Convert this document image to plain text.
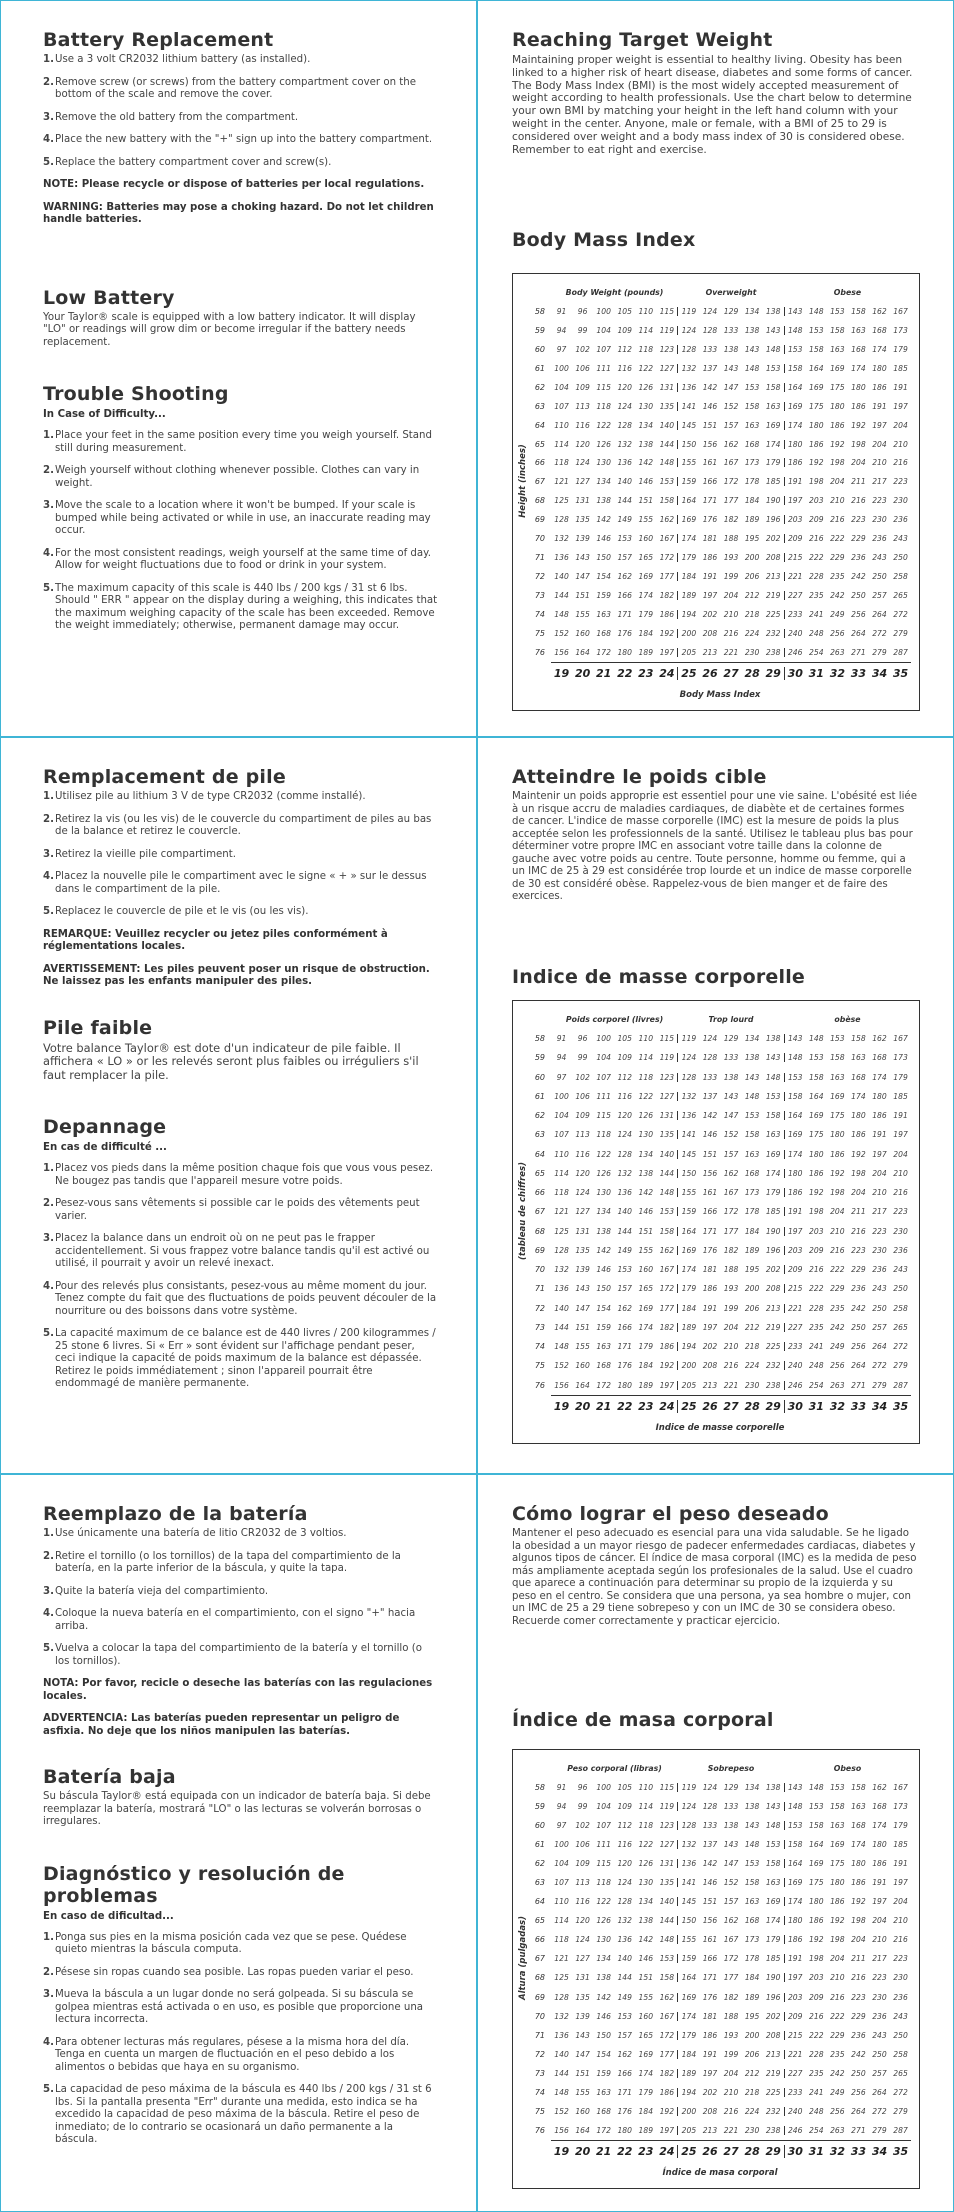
Battery Replacement
1.Use a 3 volt CR2032 lithium battery (as installed).
2.Remove screw (or screws) from the battery compartment cover on the bottom of the scale and remove the cover.
3.Remove the old battery from the compartment.
4.Place the new battery with the "+" sign up into the battery compartment.
5.Replace the battery compartment cover and screw(s).
NOTE: Please recycle or dispose of batteries per local regulations.
WARNING: Batteries may pose a choking hazard. Do not let children handle batteries.
Low Battery

Your Taylor® scale is equipped with a low battery indicator. It will display "LO" or readings will grow dim or become irregular if the battery needs replacement.

Trouble Shooting
In Case of Difficulty...
1.Place your feet in the same position every time you weigh yourself. Stand still during measurement.
2.Weigh yourself without clothing whenever possible. Clothes can vary in weight.
3.Move the scale to a location where it won't be bumped. If your scale is bumped while being activated or while in use, an inaccurate reading may occur.
4.For the most consistent readings, weigh yourself at the same time of day. Allow for weight fluctuations due to food or drink in your system.
5.The maximum capacity of this scale is 440 lbs / 200 kgs / 31 st 6 lbs. Should " ERR " appear on the display during a weighing, this indicates that the maximum weighing capacity of the scale has been exceeded. Remove the weight immediately; otherwise, permanent damage may occur.
Reaching Target Weight

Maintaining proper weight is essential to healthy living. Obesity has been linked to a higher risk of heart disease, diabetes and some forms of cancer. The Body Mass Index (BMI) is the most widely accepted measurement of weight according to health professionals. Use the chart below to determine your own BMI by matching your height in the left hand column with your weight in the center. Anyone, male or female, with a BMI of 25 to 29 is considered over weight and a body mass index of 30 is considered obese. Remember to eat right and exercise.

Body Mass Index
Height (inches)
Body Weight (pounds)	Overweight	Obese
58	91	96	100 105 110 115 119 124 129 134 138 143 148 153 158 162 167
59	94	99	104 109 114 119 124 128 133 138 143 148 153 158 163 168 173
60	97	102 107 112 118 123 128 133 138 143 148 153 158 163 168 174 179
61	100 106 111 116 122 127 132 137 143 148 153 158 164 169 174 180 185
62	104 109 115 120 126 131 136 142 147 153 158 164 169 175 180 186 191
63	107 113 118 124 130 135 141 146 152 158 163 169 175 180 186 191 197
64	110 116 122 128 134 140 145 151 157 163 169 174 180 186 192 197 204
65	114 120 126 132 138 144 150 156 162 168 174 180 186 192 198 204 210
66	118 124 130 136 142 148 155 161 167 173 179 186 192 198 204 210 216
67	121 127 134 140 146 153 159 166 172 178 185 191 198 204 211 217 223
68	125 131 138 144 151 158 164 171 177 184 190 197 203 210 216 223 230
69	128 135 142 149 155 162 169 176 182 189 196 203 209 216 223 230 236
70	132 139 146 153 160 167 174 181 188 195 202 209 216 222 229 236 243
71	136 143 150 157 165 172 179 186 193 200 208 215 222 229 236 243 250
72	140 147 154 162 169 177 184 191 199 206 213 221 228 235 242 250 258
73	144 151 159 166 174 182 189 197 204 212 219 227 235 242 250 257 265
74	148 155 163 171 179 186 194 202 210 218 225 233 241 249 256 264 272
75	152 160 168 176 184 192 200 208 216 224 232 240 248 256 264 272 279
76	156 164 172 180 189 197 205 213 221 230 238 246 254 263 271 279 287
19 20 21 22 23 24 25 26 27 28 29 30 31 32 33 34 35
Body Mass Index
Remplacement de pile
1.Utilisez pile au lithium 3 V de type CR2032 (comme installé).
2.Retirez la vis (ou les vis) de le couvercle du compartiment de piles au bas de la balance et retirez le couvercle.
3.Retirez la vieille pile compartiment.
4.Placez la nouvelle pile le compartiment avec le signe « + » sur le dessus dans le compartiment de la pile.
5.Replacez le couvercle de pile et le vis (ou les vis).
REMARQUE: Veuillez recycler ou jetez piles conformément à réglementations locales.
AVERTISSEMENT: Les piles peuvent poser un risque de obstruction. Ne laissez pas les enfants manipuler des piles.
Pile faible

Votre balance Taylor® est dote d'un indicateur de pile faible. Il affichera « LO » or les relevés seront plus faibles ou irréguliers s'il faut remplacer la pile.

Depannage
En cas de difficulté ...
1.Placez vos pieds dans la même position chaque fois que vous vous pesez. Ne bougez pas tandis que l'appareil mesure votre poids.
2.Pesez-vous sans vêtements si possible car le poids des vêtements peut varier.
3.Placez la balance dans un endroit où on ne peut pas le frapper accidentellement. Si vous frappez votre balance tandis qu'il est activé ou utilisé, il pourrait y avoir un relevé inexact.
4.Pour des relevés plus consistants, pesez-vous au même moment du jour. Tenez compte du fait que des fluctuations de poids peuvent découler de la nourriture ou des boissons dans votre système.
5.La capacité maximum de ce balance est de 440 livres / 200 kilogrammes / 25 stone 6 livres. Si « Err » sont évident sur l'affichage pendant peser, ceci indique la capacité de poids maximum de la balance est dépassée. Retirez le poids immédiatement ; sinon l'appareil pourrait être endommagé de manière permanente.
Atteindre le poids cible

Maintenir un poids approprie est essentiel pour une vie saine. L'obésité est liée à un risque accru de maladies cardiaques, de diabète et de certaines formes de cancer. L'indice de masse corporelle (IMC) est la mesure de poids la plus acceptée selon les professionnels de la santé. Utilisez le tableau plus bas pour déterminer votre propre IMC en associant votre taille dans la colonne de gauche avec votre poids au centre. Toute personne, homme ou femme, qui a un IMC de 25 à 29 est considérée trop lourde et un indice de masse corporelle de 30 est considéré obèse. Rappelez-vous de bien manger et de faire des exercices.

Indice de masse corporelle
(tableau de chiffres)
Poids corporel (livres)	Trop lourd	obèse
58	91	96	100 105 110 115 119 124 129 134 138 143 148 153 158 162 167
59	94	99	104 109 114 119 124 128 133 138 143 148 153 158 163 168 173
60	97	102 107 112 118 123 128 133 138 143 148 153 158 163 168 174 179
61	100 106 111 116 122 127 132 137 143 148 153 158 164 169 174 180 185
62	104 109 115 120 126 131 136 142 147 153 158 164 169 175 180 186 191
63	107 113 118 124 130 135 141 146 152 158 163 169 175 180 186 191 197
64	110 116 122 128 134 140 145 151 157 163 169 174 180 186 192 197 204
65	114 120 126 132 138 144 150 156 162 168 174 180 186 192 198 204 210
66	118 124 130 136 142 148 155 161 167 173 179 186 192 198 204 210 216
67	121 127 134 140 146 153 159 166 172 178 185 191 198 204 211 217 223
68	125 131 138 144 151 158 164 171 177 184 190 197 203 210 216 223 230
69	128 135 142 149 155 162 169 176 182 189 196 203 209 216 223 230 236
70	132 139 146 153 160 167 174 181 188 195 202 209 216 222 229 236 243
71	136 143 150 157 165 172 179 186 193 200 208 215 222 229 236 243 250
72	140 147 154 162 169 177 184 191 199 206 213 221 228 235 242 250 258
73	144 151 159 166 174 182 189 197 204 212 219 227 235 242 250 257 265
74	148 155 163 171 179 186 194 202 210 218 225 233 241 249 256 264 272
75	152 160 168 176 184 192 200 208 216 224 232 240 248 256 264 272 279
76	156 164 172 180 189 197 205 213 221 230 238 246 254 263 271 279 287
19 20 21 22 23 24 25 26 27 28 29 30 31 32 33 34 35
Indice de masse corporelle
Reemplazo de la batería
1.Use únicamente una batería de litio CR2032 de 3 voltios.
2.Retire el tornillo (o los tornillos) de la tapa del compartimiento de la batería, en la parte inferior de la báscula, y quite la tapa.
3.Quite la batería vieja del compartimiento.
4.Coloque la nueva batería en el compartimiento, con el signo "+" hacia arriba.
5.Vuelva a colocar la tapa del compartimiento de la batería y el tornillo (o los tornillos).
NOTA: Por favor, recicle o deseche las baterías con las regulaciones locales.
ADVERTENCIA: Las baterías pueden representar un peligro de asfixia. No deje que los niños manipulen las baterías.
Batería baja

Su báscula Taylor® está equipada con un indicador de batería baja. Si debe reemplazar la batería, mostrará "LO" o las lecturas se volverán borrosas o irregulares.

Diagnóstico y resolución de problemas
En caso de dificultad...
1.Ponga sus pies en la misma posición cada vez que se pese. Quédese quieto mientras la báscula computa.
2.Pésese sin ropas cuando sea posible. Las ropas pueden variar el peso.
3.Mueva la báscula a un lugar donde no será golpeada. Si su báscula se golpea mientras está activada o en uso, es posible que proporcione una lectura incorrecta.
4.Para obtener lecturas más regulares, pésese a la misma hora del día. Tenga en cuenta un margen de fluctuación en el peso debido a los alimentos o bebidas que haya en su organismo.
5.La capacidad de peso máxima de la báscula es 440 lbs / 200 kgs / 31 st 6 lbs. Si la pantalla presenta "Err" durante una medida, esto indica se ha excedido la capacidad de peso máxima de la báscula. Retire el peso de inmediato; de lo contrario se ocasionará un daño permanente a la báscula.
Cómo lograr el peso deseado

Mantener el peso adecuado es esencial para una vida saludable. Se he ligado la obesidad a un mayor riesgo de padecer enfermedades cardiacas, diabetes y algunos tipos de cáncer. El índice de masa corporal (IMC) es la medida de peso más ampliamente aceptada según los profesionales de la salud. Use el cuadro que aparece a continuación para determinar su propio de la izquierda y su peso en el centro. Se considera que una persona, ya sea hombre o mujer, con un IMC de 25 a 29 tiene sobrepeso y con un IMC de 30 se considera obeso. Recuerde comer correctamente y practicar ejercicio.

Índice de masa corporal
Altura (pulgadas)
Peso corporal (libras)	Sobrepeso	Obeso
58	91	96	100 105 110 115 119 124 129 134 138 143 148 153 158 162 167
59	94	99	104 109 114 119 124 128 133 138 143 148 153 158 163 168 173
60	97	102 107 112 118 123 128 133 138 143 148 153 158 163 168 174 179
61	100 106 111 116 122 127 132 137 143 148 153 158 164 169 174 180 185
62	104 109 115 120 126 131 136 142 147 153 158 164 169 175 180 186 191
63	107 113 118 124 130 135 141 146 152 158 163 169 175 180 186 191 197
64	110 116 122 128 134 140 145 151 157 163 169 174 180 186 192 197 204
65	114 120 126 132 138 144 150 156 162 168 174 180 186 192 198 204 210
66	118 124 130 136 142 148 155 161 167 173 179 186 192 198 204 210 216
67	121 127 134 140 146 153 159 166 172 178 185 191 198 204 211 217 223
68	125 131 138 144 151 158 164 171 177 184 190 197 203 210 216 223 230
69	128 135 142 149 155 162 169 176 182 189 196 203 209 216 223 230 236
70	132 139 146 153 160 167 174 181 188 195 202 209 216 222 229 236 243
71	136 143 150 157 165 172 179 186 193 200 208 215 222 229 236 243 250
72	140 147 154 162 169 177 184 191 199 206 213 221 228 235 242 250 258
73	144 151 159 166 174 182 189 197 204 212 219 227 235 242 250 257 265
74	148 155 163 171 179 186 194 202 210 218 225 233 241 249 256 264 272
75	152 160 168 176 184 192 200 208 216 224 232 240 248 256 264 272 279
76	156 164 172 180 189 197 205 213 221 230 238 246 254 263 271 279 287
19 20 21 22 23 24 25 26 27 28 29 30 31 32 33 34 35
Índice de masa corporal
